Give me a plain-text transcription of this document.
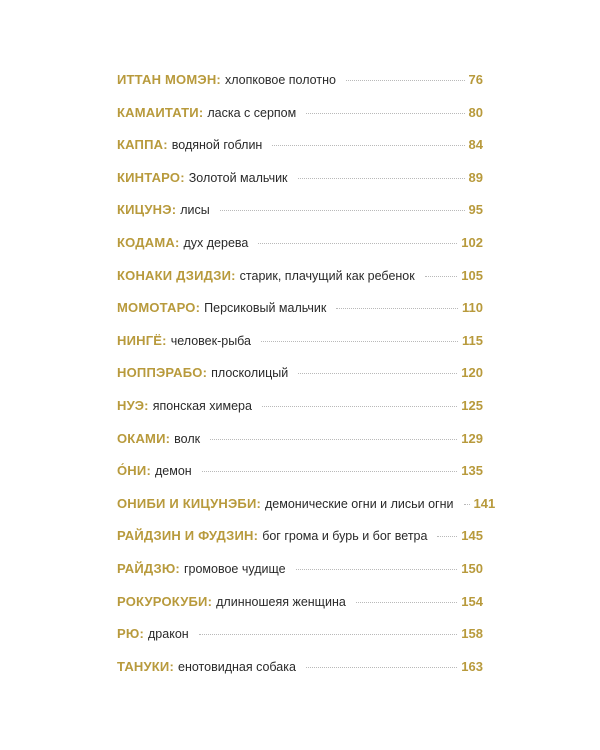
ИТТАН МОМЭН: хлопковое полотно	76
КАМАИТАТИ: ласка с серпом	80
КАППА: водяной гоблин	84
КИНТАРО: Золотой мальчик	89
КИЦУНЭ: лисы	95
КОДАМА: дух дерева	102
КОНАКИ ДЗИДЗИ: старик, плачущий как ребенок	105
МОМОТАРО: Персиковый мальчик	110
НИНГЁ: человек-рыба	115
НОППЭРАБО: плосколицый	120
НУЭ: японская химера	125
ОКАМИ: волк	129
О́НИ: демон	135
ОНИБИ И КИЦУНЭБИ: демонические огни и лисьи огни 141
РАЙДЗИН И ФУДЗИН: бог грома и бурь и бог ветра	145
РАЙДЗЮ: громовое чудище	150
РОКУРОКУБИ: длинношеяя женщина	154
РЮ: дракон	158
ТАНУКИ: енотовидная собака	163
